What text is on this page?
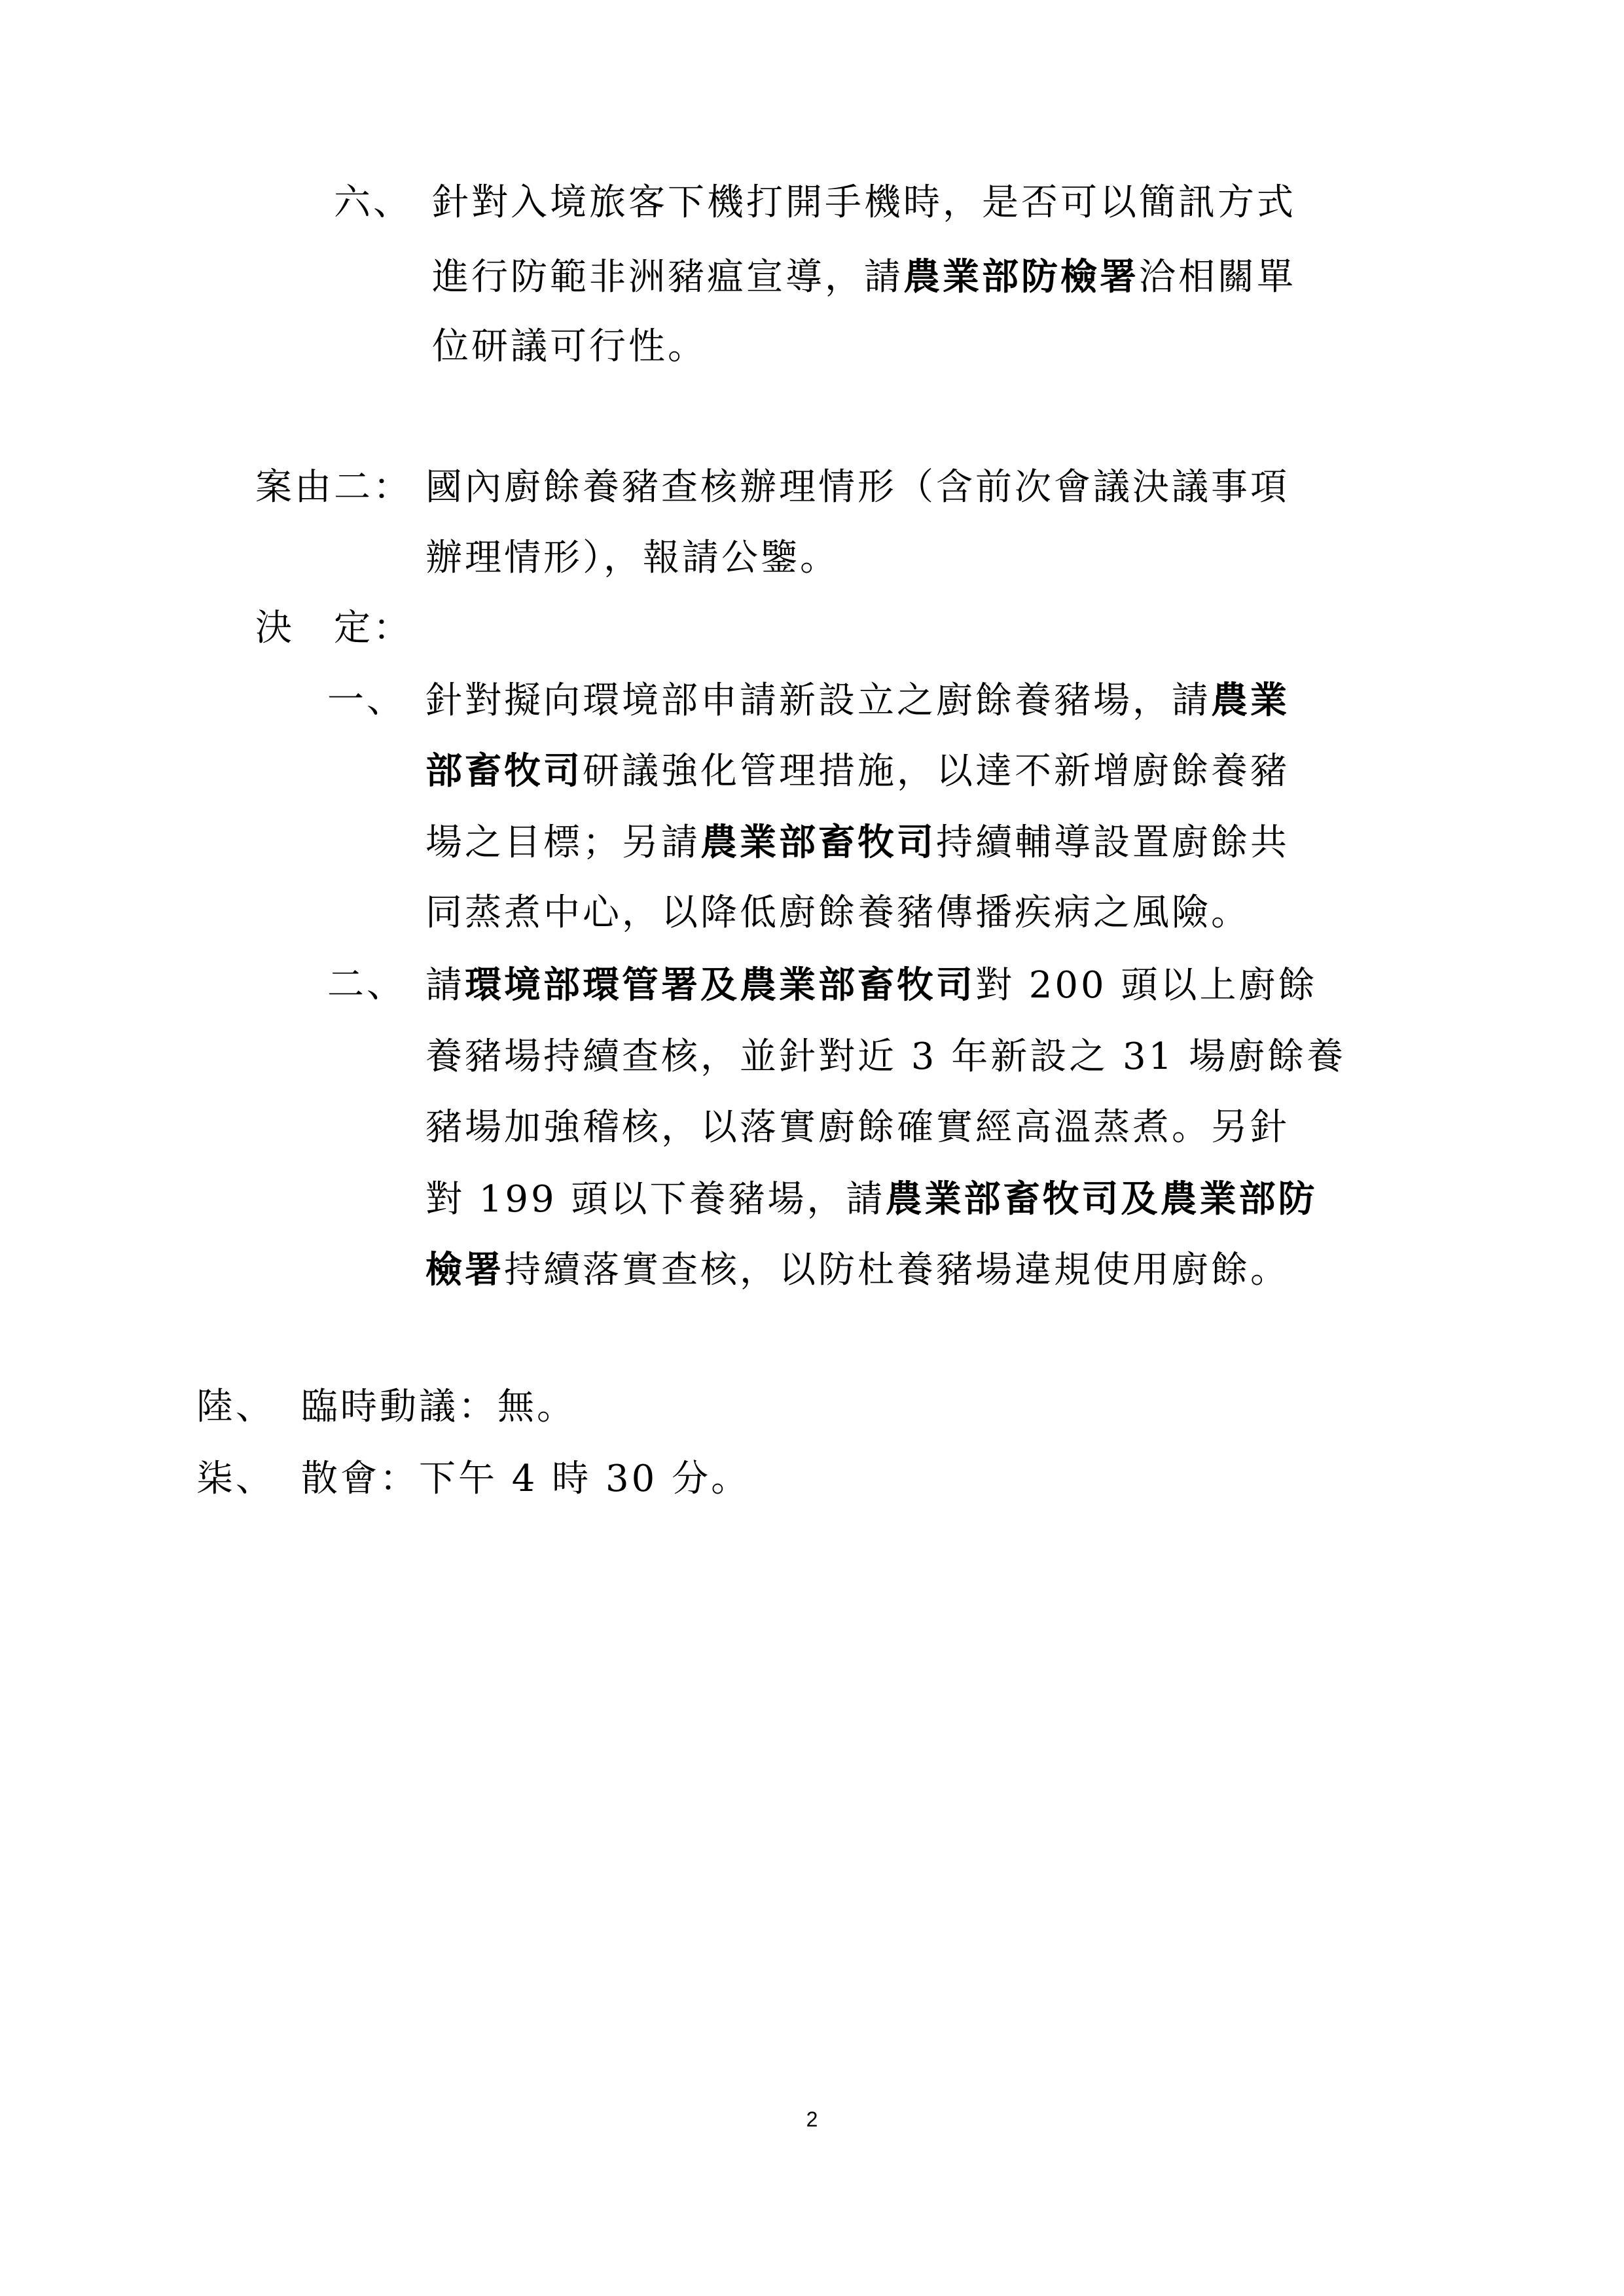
六、 針對入境旅客下機打開手機時，是否可以簡訊方式

進行防範非洲豬瘟宣導，請農業部防檢署洽相關單

位研議可行性。

案由二： 國內廚餘養豬查核辦理情形（含前次會議決議事項

辦理情形），報請公鑒。

決　定：

一、 針對擬向環境部申請新設立之廚餘養豬場，請農業

部畜牧司研議強化管理措施，以達不新增廚餘養豬

場之目標；另請農業部畜牧司持續輔導設置廚餘共

同蒸煮中心，以降低廚餘養豬傳播疾病之風險。

二、 請環境部環管署及農業部畜牧司對 200 頭以上廚餘

養豬場持續查核，並針對近 3 年新設之 31 場廚餘養

豬場加強稽核，以落實廚餘確實經高溫蒸煮。另針

對 199 頭以下養豬場，請農業部畜牧司及農業部防

檢署持續落實查核，以防杜養豬場違規使用廚餘。

陸、 臨時動議：無。

柒、 散會：下午 4 時 30 分。

2
